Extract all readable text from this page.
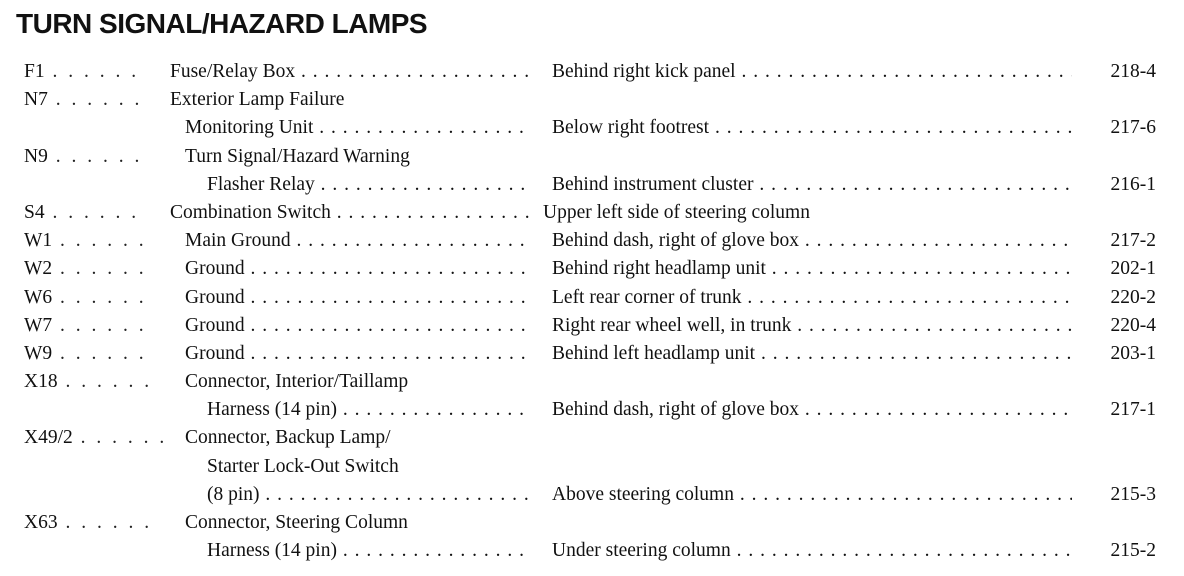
TURN SIGNAL/HAZARD LAMPS
F1 . . . . . . Fuse/Relay Box . . .	Behind right kick panel . . .	218-4
N7 . . . . . . Exterior Lamp Failure
Monitoring Unit . . .	Below right footrest . . .	217-6
N9 . . . . . . Turn Signal/Hazard Warning
Flasher Relay . . .	Behind instrument cluster . . .	216-1
S4 . . . . . . Combination Switch . . .	Upper left side of steering column
W1 . . . . . . Main Ground . . .	Behind dash, right of glove box . . .	217-2
W2 . . . . . . Ground . . .	Behind right headlamp unit . . .	202-1
W6 . . . . . . Ground . . .	Left rear corner of trunk . . .	220-2
W7 . . . . . . Ground . . .	Right rear wheel well, in trunk . . .	220-4
W9 . . . . . . Ground . . .	Behind left headlamp unit . . .	203-1
X18 . . . . . . Connector, Interior/Taillamp
Harness (14 pin) . . .	Behind dash, right of glove box . . .	217-1
X49/2 . . . . . . Connector, Backup Lamp/
Starter Lock-Out Switch
(8 pin) . . .	Above steering column . . .	215-3
X63 . . . . . . Connector, Steering Column
Harness (14 pin) . . .	Under steering column . . .	215-2
